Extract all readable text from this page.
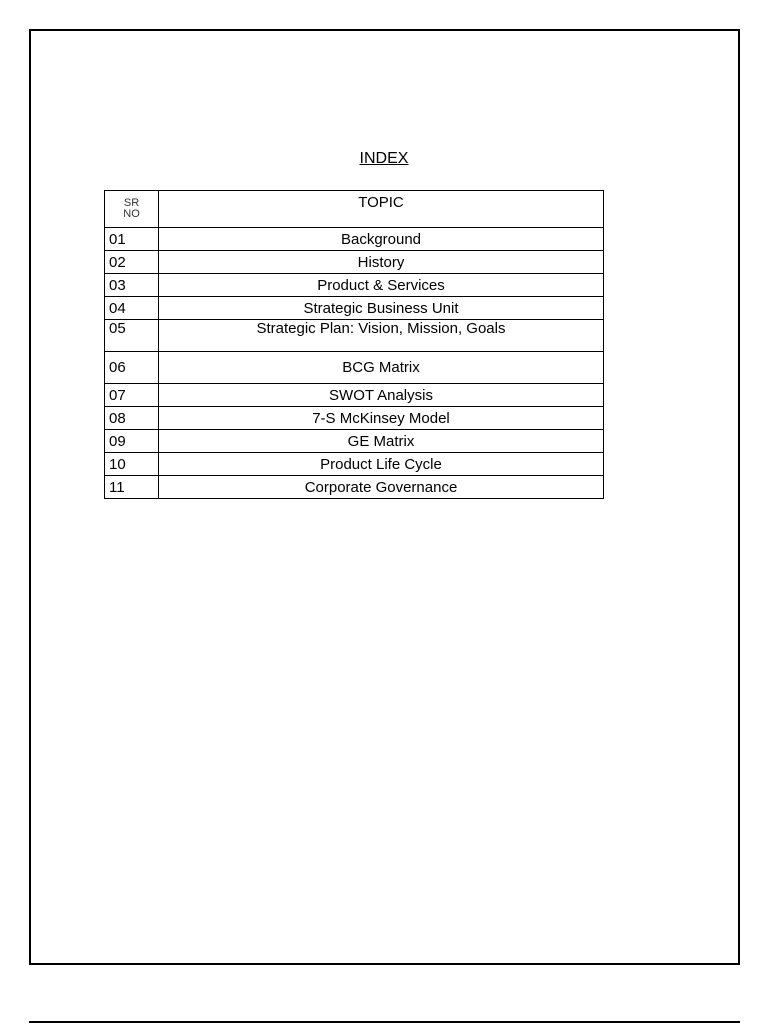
INDEX
SR
NO	TOPIC
01	Background
02	History
03	Product & Services
04	Strategic Business Unit
05	Strategic Plan: Vision, Mission, Goals
06	BCG Matrix
07	SWOT Analysis
08	7-S McKinsey Model
09	GE Matrix
10	Product Life Cycle
11	Corporate Governance
